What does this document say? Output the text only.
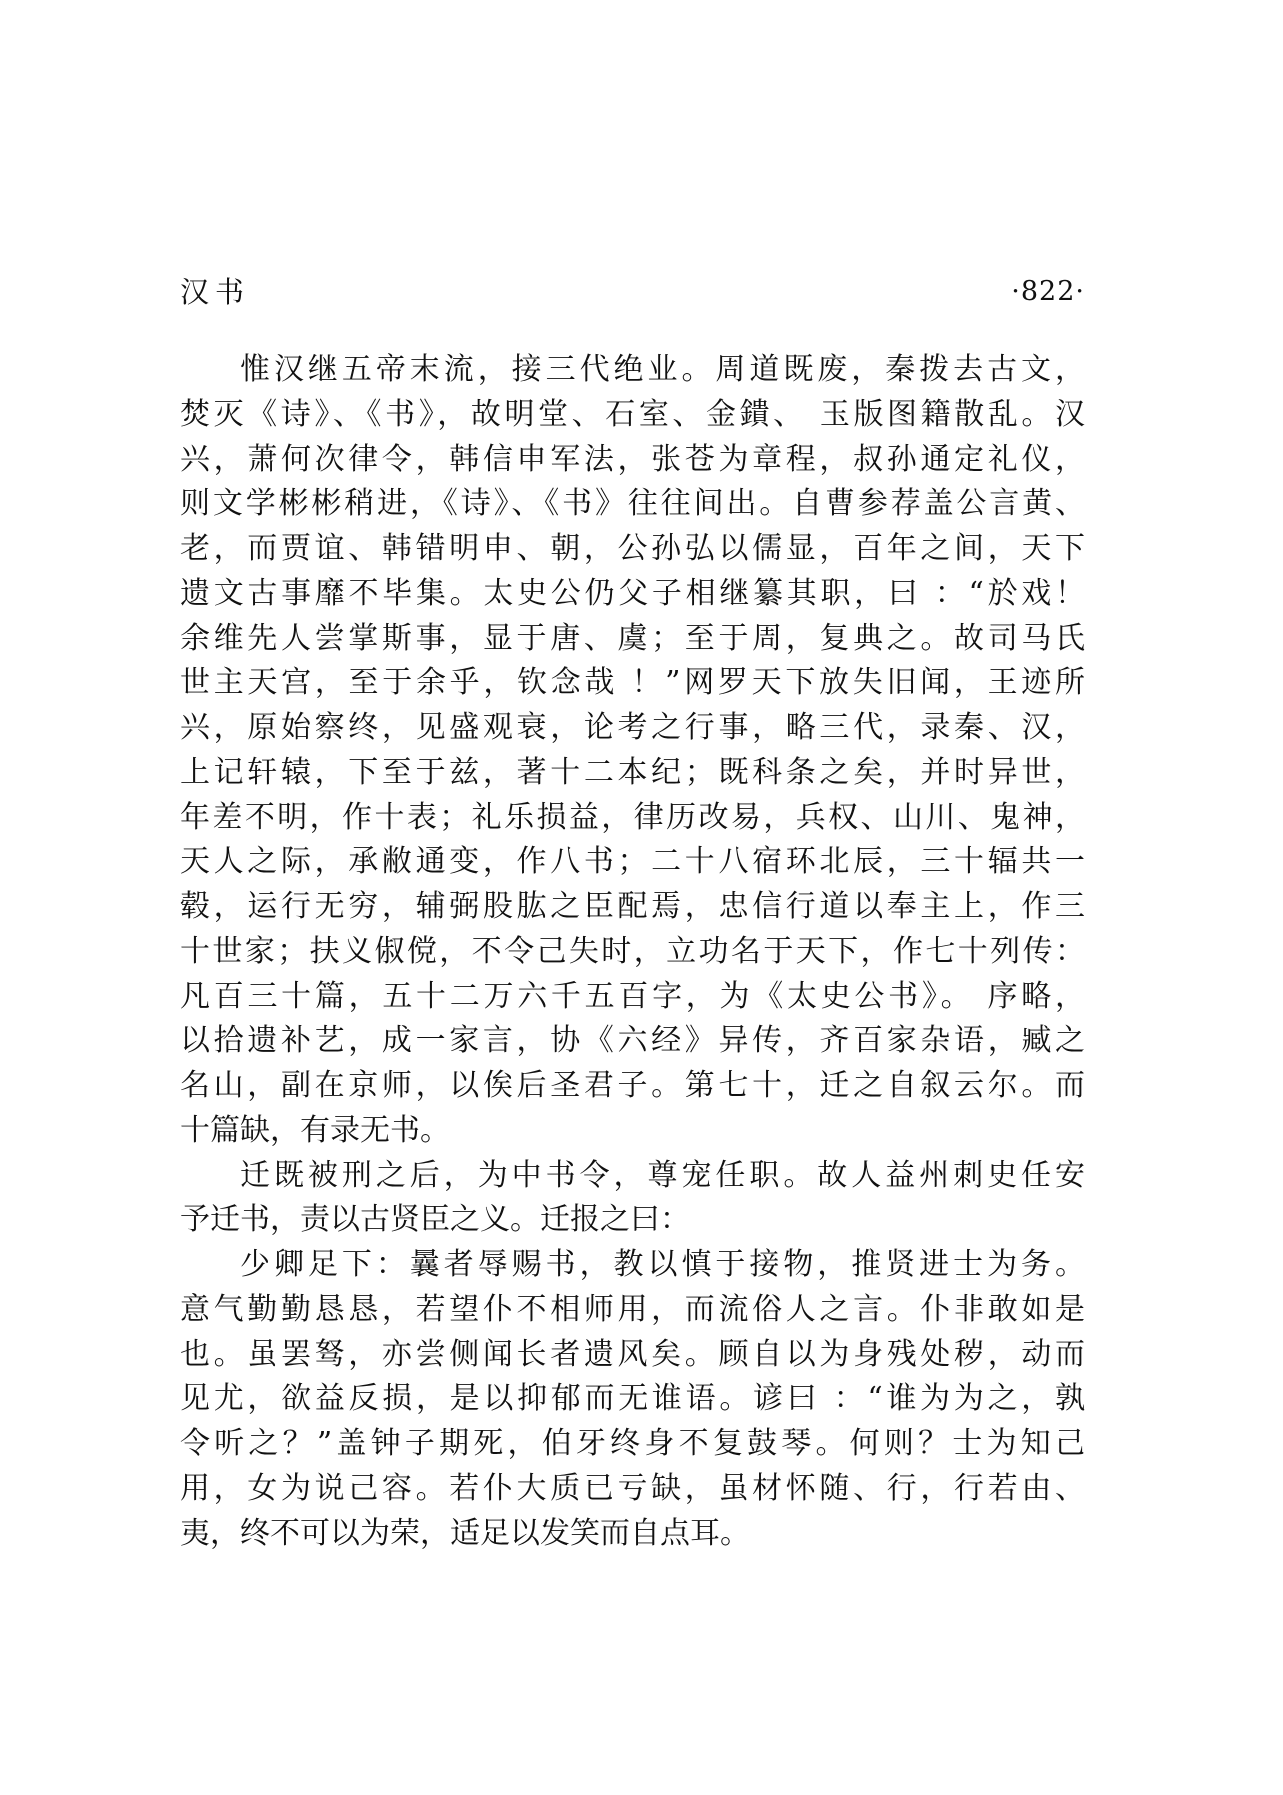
汉书	·822·
惟汉继五帝末流，接三代绝业。周道既废，秦拨去古文，
焚灭《诗》、《书》，故明堂、石室、金鐀、 玉版图籍散乱。汉
兴，萧何次律令，韩信申军法，张苍为章程，叔孙通定礼仪，
则文学彬彬稍进，《诗》、《书》往往间出。自曹参荐盖公言黄、
老，而贾谊、韩错明申、朝，公孙弘以儒显，百年之间，天下
遗文古事靡不毕集。太史公仍父子相继纂其职，曰 ：“於戏！
余维先人尝掌斯事，显于唐、虞；至于周，复典之。故司马氏
世主天宫，至于余乎，钦念哉 ！”网罗天下放失旧闻，王迹所
兴，原始察终，见盛观衰，论考之行事，略三代，录秦、汉，
上记轩辕，下至于兹，著十二本纪；既科条之矣，并时异世，
年差不明，作十表；礼乐损益，律历改易，兵权、山川、鬼神，
天人之际，承敝通变，作八书；二十八宿环北辰，三十辐共一
毂，运行无穷，辅弼股肱之臣配焉，忠信行道以奉主上，作三
十世家；扶义俶傥，不令己失时，立功名于天下，作七十列传：
凡百三十篇，五十二万六千五百字，为《太史公书》。 序略，
以拾遗补艺，成一家言，协《六经》异传，齐百家杂语，臧之
名山，副在京师，以俟后圣君子。第七十，迁之自叙云尔。而
十篇缺，有录无书。
迁既被刑之后，为中书令，尊宠任职。故人益州刺史任安
予迁书，责以古贤臣之义。迁报之曰：
少卿足下：曩者辱赐书，教以慎于接物，推贤进士为务。
意气勤勤恳恳，若望仆不相师用，而流俗人之言。仆非敢如是
也。虽罢驽，亦尝侧闻长者遗风矣。顾自以为身残处秽，动而
见尤，欲益反损，是以抑郁而无谁语。谚曰 ：“谁为为之，孰
令听之？”盖钟子期死，伯牙终身不复鼓琴。何则？士为知己
用，女为说己容。若仆大质已亏缺，虽材怀随、行，行若由、
夷，终不可以为荣，适足以发笑而自点耳。
